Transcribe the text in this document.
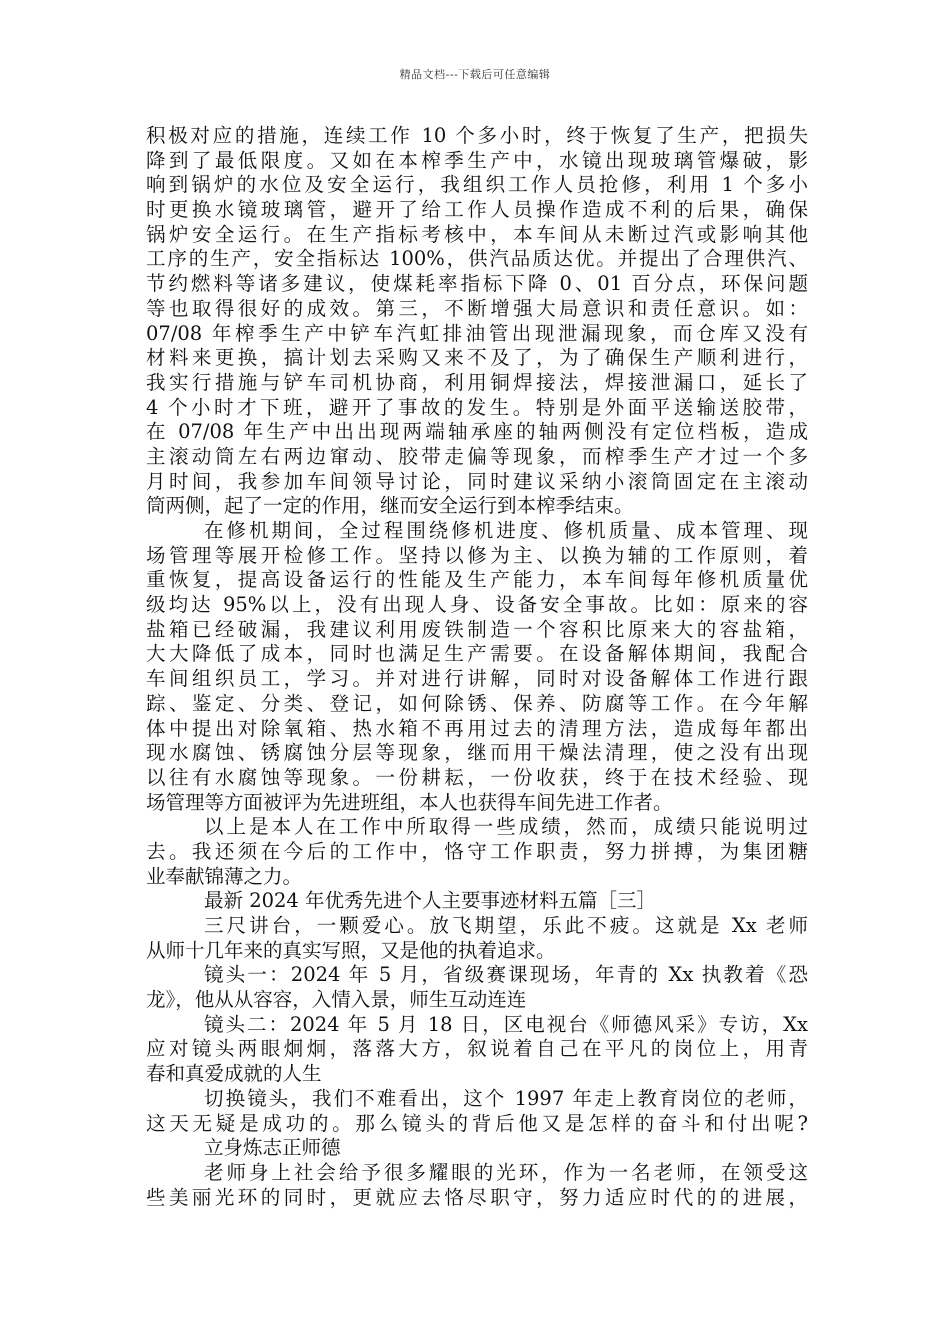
精品文档---下载后可任意编辑
积极对应的措施，连续工作 10 个多小时，终于恢复了生产，把损失
降到了最低限度。又如在本榨季生产中，水镜出现玻璃管爆破，影
响到锅炉的水位及安全运行，我组织工作人员抢修，利用 1 个多小
时更换水镜玻璃管，避开了给工作人员操作造成不利的后果，确保
锅炉安全运行。在生产指标考核中，本车间从未断过汽或影响其他
工序的生产，安全指标达 100%，供汽品质达优。并提出了合理供汽、
节约燃料等诸多建议，使煤耗率指标下降 0、01 百分点，环保问题
等也取得很好的成效。第三，不断增强大局意识和责任意识。如：
07/08 年榨季生产中铲车汽虹排油管出现泄漏现象，而仓库又没有
材料来更换，搞计划去采购又来不及了，为了确保生产顺利进行，
我实行措施与铲车司机协商，利用铜焊接法，焊接泄漏口，延长了
4 个小时才下班，避开了事故的发生。特别是外面平送输送胶带，
在 07/08 年生产中出出现两端轴承座的轴两侧没有定位档板，造成
主滚动筒左右两边窜动、胶带走偏等现象，而榨季生产才过一个多
月时间，我参加车间领导讨论，同时建议采纳小滚筒固定在主滚动
筒两侧，起了一定的作用，继而安全运行到本榨季结束。
在修机期间，全过程围绕修机进度、修机质量、成本管理、现
场管理等展开检修工作。坚持以修为主、以换为辅的工作原则，着
重恢复，提高设备运行的性能及生产能力，本车间每年修机质量优
级均达 95%以上，没有出现人身、设备安全事故。比如：原来的容
盐箱已经破漏，我建议利用废铁制造一个容积比原来大的容盐箱，
大大降低了成本，同时也满足生产需要。在设备解体期间，我配合
车间组织员工，学习。并对进行讲解，同时对设备解体工作进行跟
踪、鉴定、分类、登记，如何除锈、保养、防腐等工作。在今年解
体中提出对除氧箱、热水箱不再用过去的清理方法，造成每年都出
现水腐蚀、锈腐蚀分层等现象，继而用干燥法清理，使之没有出现
以往有水腐蚀等现象。一份耕耘，一份收获，终于在技术经验、现
场管理等方面被评为先进班组，本人也获得车间先进工作者。
以上是本人在工作中所取得一些成绩，然而，成绩只能说明过
去。我还须在今后的工作中，恪守工作职责，努力拼搏，为集团糖
业奉献锦薄之力。
最新 2024 年优秀先进个人主要事迹材料五篇［三］
三尺讲台，一颗爱心。放飞期望，乐此不疲。这就是 Xx 老师
从师十几年来的真实写照，又是他的执着追求。
镜头一：2024 年 5 月，省级赛课现场，年青的 Xx 执教着《恐
龙》，他从从容容，入情入景，师生互动连连
镜头二：2024 年 5 月 18 日，区电视台《师德风采》专访，Xx
应对镜头两眼炯炯，落落大方，叙说着自己在平凡的岗位上，用青
春和真爱成就的人生
切换镜头，我们不难看出，这个 1997 年走上教育岗位的老师，
这天无疑是成功的。那么镜头的背后他又是怎样的奋斗和付出呢?
立身炼志正师德
老师身上社会给予很多耀眼的光环，作为一名老师，在领受这
些美丽光环的同时，更就应去恪尽职守，努力适应时代的的进展，
